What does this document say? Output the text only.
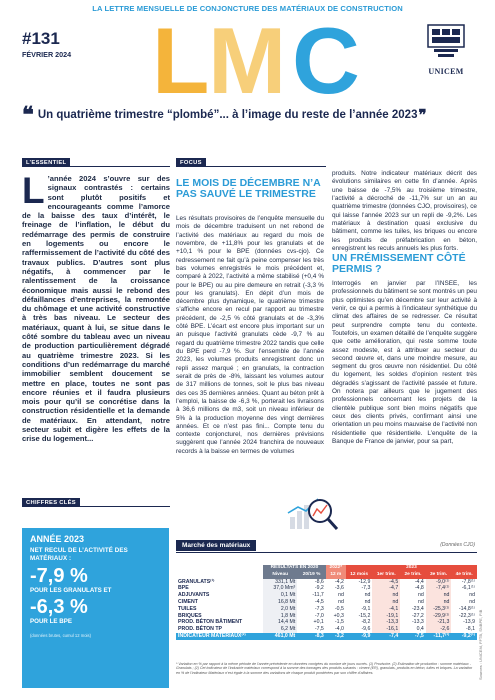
LA LETTRE MENSUELLE DE CONJONCTURE DES MATÉRIAUX DE CONSTRUCTION
#131
FÉVRIER 2024 L
M C	UNICEM
❝ Un quatrième trimestre “plombé”... à l’image du reste de l’année 2023 ❞
L’ESSENTIEL
L ’année 2024 s’ouvre sur des signaux contrastés : certains sont plutôt positifs et encourageants comme l’amorce de la baisse des taux d’intérêt, le freinage de l’inflation, le début du redémarrage des permis de construire en logements ou encore le raffermissement de l’activité du côté des travaux publics. D’autres sont plus négatifs, à commencer par le ralentissement de la croissance économique mais aussi le rebond des défaillances d’entreprises, la remontée du chômage et une activité constructive à très bas niveau. Le secteur des matériaux, quant à lui, se situe dans le côté sombre du tableau avec un niveau de production particulièrement dégradé au quatrième trimestre 2023. Si les conditions d’un redémarrage du marché immobilier semblent doucement se mettre en place, toutes ne sont pas encore réunies et il faudra plusieurs mois pour qu’il se concrétise dans la construction résidentielle et la demande de matériaux. En attendant, notre secteur subit et digère les effets de la crise du logement...
CHIFFRES CLÉS
ANNÉE 2023
NET RECUL DE L’ACTIVITÉ DES MATÉRIAUX :
-7,9 %
POUR LES GRANULATS ET
-6,3 %
POUR LE BPE
(données brutes, cumul 12 mois)
FOCUS
LE MOIS DE DÉCEMBRE N’A PAS SAUVÉ LE TRIMESTRE
Les résultats provisoires de l’enquête mensuelle du mois de décembre traduisent un net rebond de l’activité des matériaux au regard du mois de novembre, de +11,8% pour les granulats et de +10,1 % pour le BPE (données cvs-cjo). Ce redressement ne fait qu’à peine compenser les très bas volumes enregistrés le mois précédent et, comparé à 2022, l’activité a même stabilisé (+0,4 % pour le BPE) ou au pire demeure en retrait (-3,3 % pour les granulats). En dépit d’un mois de décembre plus dynamique, le quatrième trimestre s’affiche encore en recul par rapport au trimestre précédent, de -2,5 % côté granulats et de -3,3% côté BPE. L’écart est encore plus important sur un an puisque l’activité granulats cède -9,7 % au regard du quatrième trimestre 2022 tandis que celle du BPE perd -7,9 %. Sur l’ensemble de l’année 2023, les volumes produits enregistrent donc un repli assez marqué ; en granulats, la contraction serait de près de -8%, laissant les volumes autour de 317 millions de tonnes, soit le plus bas niveau des ces 35 dernières années. Quant au béton prêt à l’emploi, la baisse de -6,3 %, porterait les livraisons à 36,6 millions de m3, soit un niveau inférieur de 5% à la production moyenne des vingt dernières années. Et ce n’est pas fini... Compte tenu du contexte conjoncturel, nos dernières prévisions suggèrent que l’année 2024 franchira de nouveaux records à la baisse en termes de volumes
produits. Notre indicateur matériaux décrit des évolutions similaires en cette fin d’année. Après une baisse de -7,5% au troisième trimestre, l’activité a décroché de -11,7% sur un an au quatrième trimestre (données CJO, provisoires), ce qui laisse l’année 2023 sur un repli de -9,2%. Les matériaux à destination quasi exclusive du bâtiment, comme les tuiles, les briques ou encore les produits de préfabrication en béton, enregistrent les reculs annuels les plus forts.
UN FRÉMISSEMENT CÔTÉ PERMIS ?
Interrogés en janvier par l’INSEE, les professionnels du bâtiment se sont montrés un peu plus optimistes qu’en décembre sur leur activité à venir, ce qui a permis à l’indicateur synthétique du climat des affaires de se redresser. Ce résultat peut surprendre compte tenu du contexte. Toutefois, un examen détaillé de l’enquête suggère que cette amélioration, qui reste somme toute assez modeste, est à attribuer au secteur du second œuvre et, dans une moindre mesure, au segment du gros œuvre non résidentiel. Du côté du logement, les soldes d’opinion restent très dégradés s’agissant de l’activité passée et future. On notera par ailleurs que le jugement des professionnels concernant les projets de la clientèle publique sont bien moins négatifs que ceux des clients privés, confirmant ainsi une orientation un peu moins mauvaise de l’activité non résidentielle que résidentielle. L’enquête de la Banque de France de janvier, pour sa part,
Marché des matériaux	(Données CJO)
	RÉSULTATS EN 2020		2022*	2023				
	Niveau	20/19 %	12 m	12 mois	1er trim.	2e trim.	3e trim.	4e trim.
GRANULATS⁽¹⁾	331,1 Mt	-8,6	-4,2	-12,9	-4,5	-4,4	-9,0⁽¹⁾	-7,8⁽¹⁾
BPE	37,0 Mm³	-9,2	-3,6	-7,3	-4,7	-4,8	-7,4⁽¹⁾	-6,1⁽¹⁾
ADJUVANTS	0,1 Mt	-11,7	nd	nd	nd	nd	nd	nd
CIMENT	16,8 Mt	-4,5	nd	nd	nd	nd	nd	nd
TUILES	2,0 Mt	-7,3	-0,5	-9,1	-4,1	-23,4	-25,3⁽¹⁾	-14,8⁽¹⁾
BRIQUES	1,8 Mt	-7,0	+0,3	-15,2	-19,1	-27,2	-29,9⁽¹⁾	-22,3⁽¹⁾
PROD. BÉTON BÂTIMENT	14,4 Mt	+0,1	-1,5	-8,2	-13,3	-13,3	-21,3	-13,9
PROD. BÉTON TP	6,2 Mt	-7,5	-4,0	-9,6	-16,1	0,4	-2,6	-8,1
INDICATEUR MATÉRIAUX⁽²⁾	461,0 Mt	-8,3	-3,2	-9,9	-7,4	-7,5	-11,7⁽¹⁾	-9,2⁽¹⁾
* Variation en % par rapport à la même période de l’année précédente en données corrigées du nombre de jours ouvrés. (1) Provisoire. (2) Estimation de production : somme matériaux - Granulats ; (2) Cet indicateur de l’industrie matériaux correspond à la somme des tonnages des produits suivants : ciment (ER), granulats, produits en béton, tuiles et briques. La variation en % de l’indicateur Matériaux n’est égale à la somme des variations de chaque produit pondérées par son chiffre d’affaires.	Sources : UNICEM, FFTB, SNBPE, FIB
